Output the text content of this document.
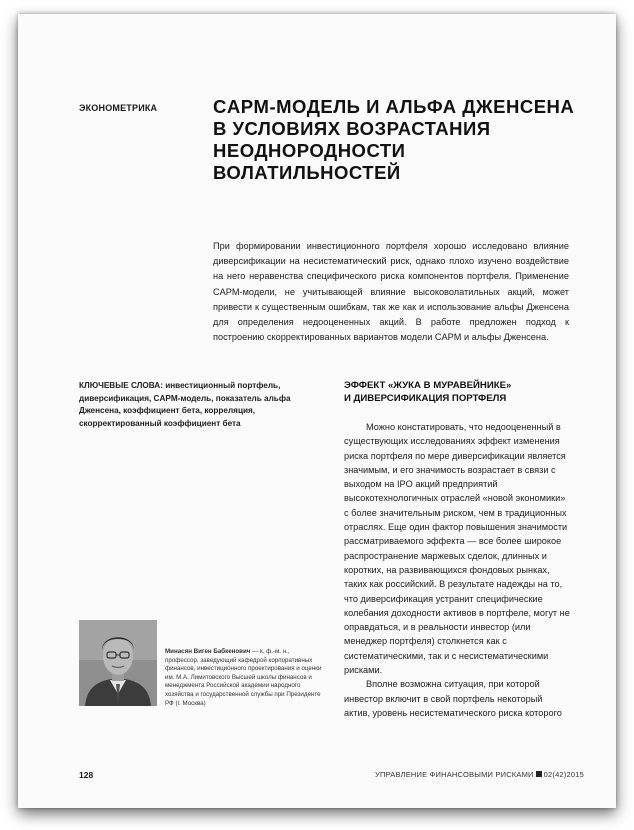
ЭКОНОМЕТРИКА	CAPM-МОДЕЛЬ И АЛЬФА ДЖЕНСЕНА
В УСЛОВИЯХ ВОЗРАСТАНИЯ
НЕОДНОРОДНОСТИ ВОЛАТИЛЬНОСТЕЙ
При формировании инвестиционного портфеля хорошо исследовано влияние диверсификации на несистематический риск, однако плохо изучено воздействие на него неравенства специфического риска компонентов портфеля. Применение CAPM-модели, не учитывающей влияние высоковолатильных акций, может привести к существенным ошибкам, так же как и использование альфы Дженсена для определения недооцененных акций. В работе предложен подход к построению скорректированных вариантов модели CAPM и альфы Дженсена.
КЛЮЧЕВЫЕ СЛОВА: инвестиционный портфель, диверсификация, CAPM-модель, показатель альфа Дженсена, коэффициент бета, корреляция, скорректированный коэффициент бета
Минасян Виген Бабкенович — к. ф.-м. н., профессор, заведующий кафедрой корпоративных финансов, инвестиционного проектирования и оценки им. М.А. Лимитовского Высшей школы финансов и менеджмента Российской академии народного хозяйства и государственной службы при Президенте РФ (г. Москва)
ЭФФЕКТ «ЖУКА В МУРАВЕЙНИКЕ»
И ДИВЕРСИФИКАЦИЯ ПОРТФЕЛЯ

Можно констатировать, что недооцененный в существующих исследованиях эффект изменения риска портфеля по мере диверсификации является значимым, и его значимость возрастает в связи с выходом на IPO акций предприятий высокотехнологичных отраслей «новой экономики» с более значительным риском, чем в традиционных отраслях. Еще один фактор повышения значимости рассматриваемого эффекта — все более широкое распространение маржевых сделок, длинных и коротких, на развивающихся фондовых рынках, таких как российский. В результате надежды на то, что диверсификация устранит специфические колебания доходности активов в портфеле, могут не оправдаться, и в реальности инвестор (или менеджер портфеля) столкнется как с систематическими, так и с несистематическими рисками.

Вполне возможна ситуация, при которой инвестор включит в свой портфель некоторый актив, уровень несистематического риска которого

128	УПРАВЛЕНИЕ ФИНАНСОВЫМИ РИСКАМИ 02(42)2015
